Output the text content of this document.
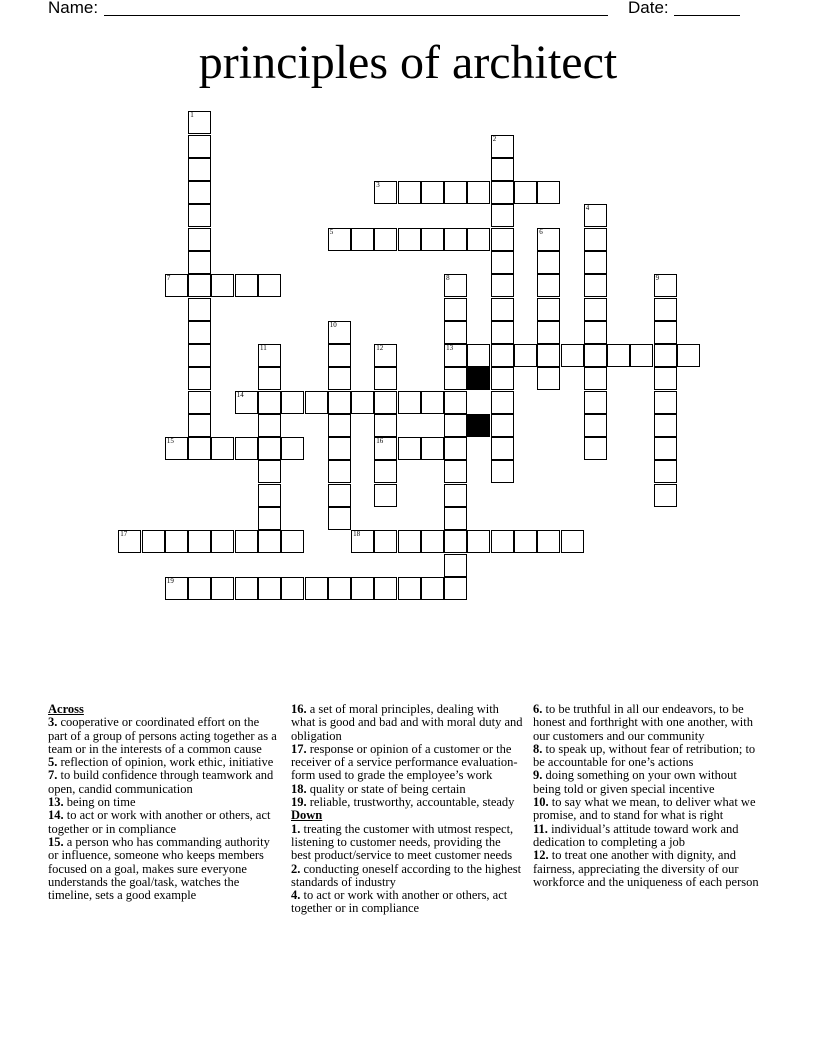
Name:	Date:
principles of architect
1
2
3
4
5	6
7	8
13
9
10
11	12
16
14
15
17	18
19
Across

3. cooperative or coordinated effort on the part of a group of persons acting together as a team or in the interests of a common cause

5. reflection of opinion, work ethic, initiative

7. to build confidence through teamwork and open, candid communication

13. being on time

14. to act or work with another or others, act together or in compliance

15. a person who has commanding authority or influence, someone who keeps members focused on a goal, makes sure everyone understands the goal/task, watches the timeline, sets a good example

16. a set of moral principles, dealing with what is good and bad and with moral duty and obligation

17. response or opinion of a customer or the receiver of a service performance evaluation-form used to grade the employee’s work

18. quality or state of being certain

19. reliable, trustworthy, accountable, steady

Down

1. treating the customer with utmost respect, listening to customer needs, providing the best product/service to meet customer needs

2. conducting oneself according to the highest standards of industry

4. to act or work with another or others, act together or in compliance

6. to be truthful in all our endeavors, to be honest and forthright with one another, with our customers and our community

8. to speak up, without fear of retribution; to be accountable for one’s actions

9. doing something on your own without being told or given special incentive

10. to say what we mean, to deliver what we promise, and to stand for what is right

11. individual’s attitude toward work and dedication to completing a job

12. to treat one another with dignity, and fairness, appreciating the diversity of our workforce and the uniqueness of each person
